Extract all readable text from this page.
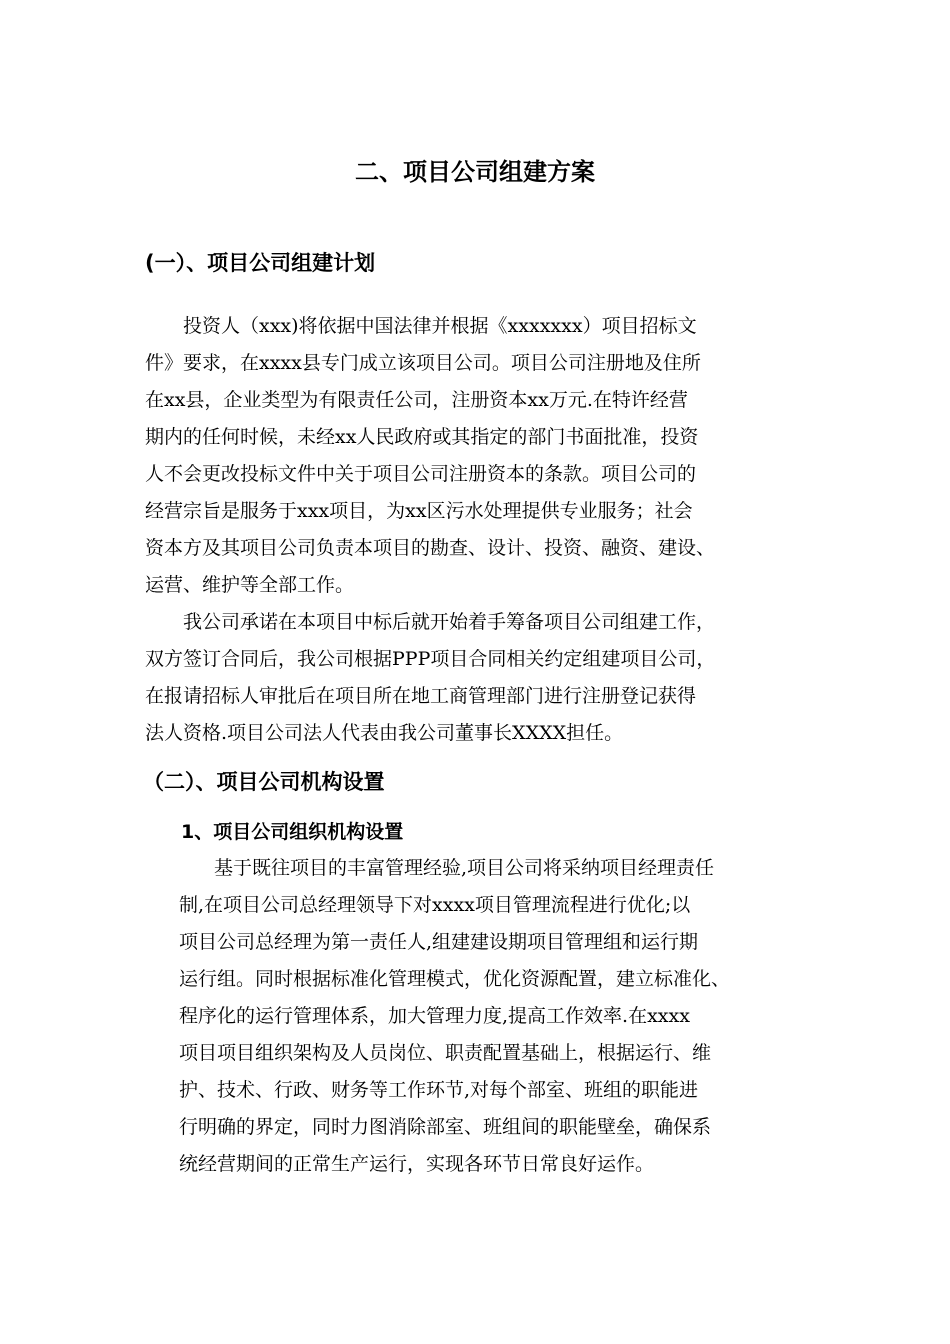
二、项目公司组建方案
(一）、项目公司组建计划

投资人（xxx)将依据中国法律并根据《xxxxxxx）项目招标文

件》要求，在xxxx县专门成立该项目公司。项目公司注册地及住所

在xx县，企业类型为有限责任公司，注册资本xx万元.在特许经营

期内的任何时候，未经xx人民政府或其指定的部门书面批准，投资

人不会更改投标文件中关于项目公司注册资本的条款。项目公司的

经营宗旨是服务于xxx项目，为xx区污水处理提供专业服务；社会

资本方及其项目公司负责本项目的勘查、设计、投资、融资、建设、

运营、维护等全部工作。

我公司承诺在本项目中标后就开始着手筹备项目公司组建工作，

双方签订合同后，我公司根据PPP项目合同相关约定组建项目公司，

在报请招标人审批后在项目所在地工商管理部门进行注册登记获得

法人资格.项目公司法人代表由我公司董事长XXXX担任。

（二）、项目公司机构设置
1、项目公司组织机构设置

基于既往项目的丰富管理经验,项目公司将采纳项目经理责任

制,在项目公司总经理领导下对xxxx项目管理流程进行优化;以

项目公司总经理为第一责任人,组建建设期项目管理组和运行期

运行组。同时根据标准化管理模式，优化资源配置，建立标准化、

程序化的运行管理体系，加大管理力度,提高工作效率.在xxxx

项目项目组织架构及人员岗位、职责配置基础上，根据运行、维

护、技术、行政、财务等工作环节,对每个部室、班组的职能进

行明确的界定，同时力图消除部室、班组间的职能壁垒，确保系

统经营期间的正常生产运行，实现各环节日常良好运作。
